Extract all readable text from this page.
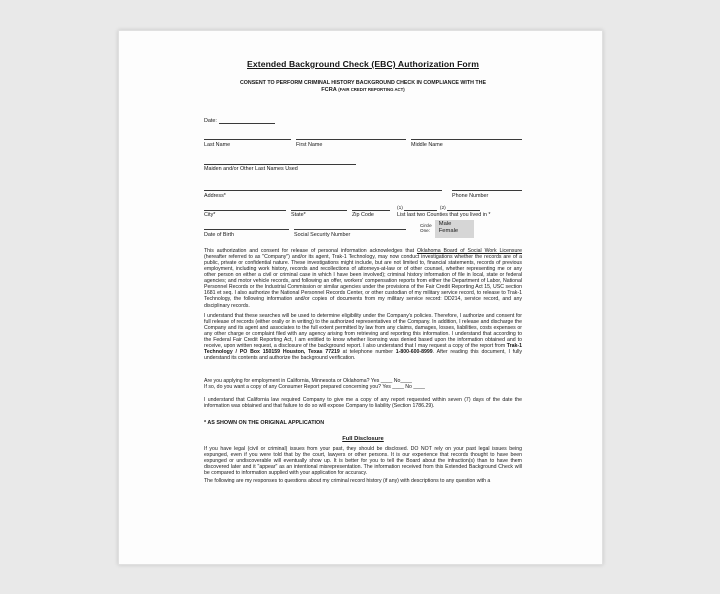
Extended Background Check (EBC) Authorization Form
CONSENT TO PERFORM CRIMINAL HISTORY BACKGROUND CHECK IN COMPLIANCE WITH THE
FCRA (FAIR CREDIT REPORTING ACT)
Date:
Last Name	First Name	Middle Name
Maiden and/or Other Last Names Used
Address*	Phone Number
City*	State*	Zip Code
(1)	(2)
List last two Counties that you lived in *
Date of Birth	Social Security Number
Circle
One:
Male
Female
This authorization and consent for release of personal information acknowledges that Oklahoma Board of Social Work Licensure (hereafter referred to as "Company") and/or its agent, Trak-1 Technology, may now conduct investigations whether the records are of a public, private or confidential nature. These investigations might include, but are not limited to, financial statements, records of previous employment, including work history, records and recollections of attorneys-at-law or of other counsel, whether representing me or any other person on either a civil or criminal case in which I have been involved); criminal history information of file in local, state or federal agencies; and motor vehicle records, and following an offer, workers' compensation reports from either the Department of Labor, National Personnel Records or the Industrial Commission or similar agencies under the provisions of the Fair Credit Reporting Act 15, USC section 1681 et seq. I also authorize the National Personnel Records Center, or other custodian of my military service record, to release to Trak-1 Technology, the following information and/or copies of documents from my military service record: DD214, service record, and any disciplinary records.
I understand that these searches will be used to determine eligibility under the Company's policies. Therefore, I authorize and consent for full release of records (either orally or in writing) to the authorized representatives of the Company. In addition, I release and discharge the Company and its agent and associates to the full extent permitted by law from any claims, damages, losses, liabilities, costs expenses or any other charge or complaint filed with any agency arising from retrieving and reporting this information. I understand that according to the Federal Fair Credit Reporting Act, I am entitled to know whether licensing was denied based upon the information obtained and to receive, upon written request, a disclosure of the background report. I also understand that I may request a copy of the report from Trak-1 Technology / PO Box 150159 Houston, Texas 77219 at telephone number 1-800-600-8999. After reading this document, I fully understand its contents and authorize the background verification.
Are you applying for employment in California, Minnesota or Oklahoma? Yes ____ No____
If so, do you want a copy of any Consumer Report prepared concerning you? Yes ____ No ____
I understand that California law required Company to give me a copy of any report requested within seven (7) days of the date the information was obtained and that failure to do so will expose Company to liability (Section 1786.29).
* AS SHOWN ON THE ORIGINAL APPLICATION
Full Disclosure
If you have legal (civil or criminal) issues from your past, they should be disclosed. DO NOT rely on your past legal issues being expunged, even if you were told that by the court, lawyers or other persons. It is our experience that records thought to have been expunged or undiscoverable will eventually show up. It is better for you to tell the Board about the infraction(s) than to have them discovered later and it "appear" as an intentional misrepresentation. The information received from this Extended Background Check will be compared to information supplied with your application for accuracy.
The following are my responses to questions about my criminal record history (if any) with descriptions to any question with a
